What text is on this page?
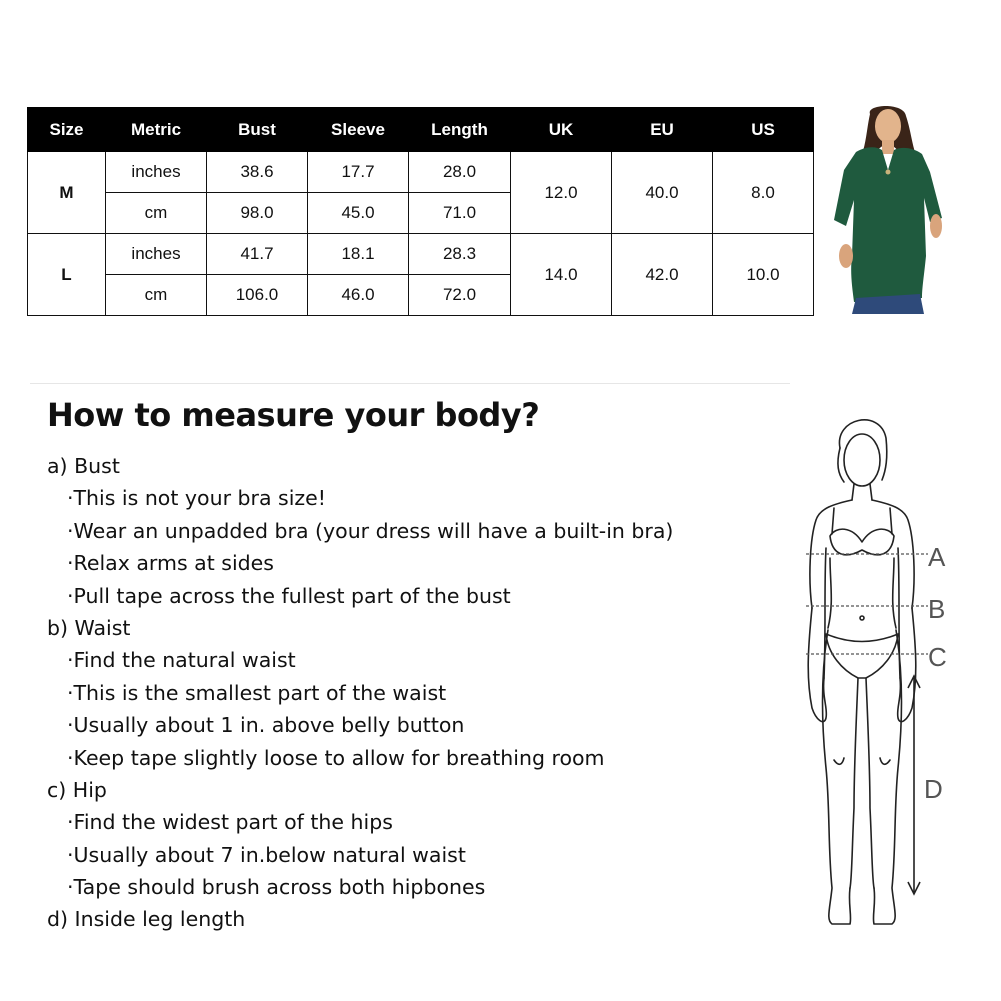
Size	Metric	Bust	Sleeve	Length	UK	EU	US
M	inches	38.6	17.7	28.0	12.0	40.0	8.0
	cm	98.0	45.0	71.0			
L	inches	41.7	18.1	28.3	14.0	42.0	10.0
	cm	106.0	46.0	72.0			
How to measure your body?
a) Bust
·This is not your bra size!
·Wear an unpadded bra (your dress will have a built-in bra)
·Relax arms at sides
·Pull tape across the fullest part of the bust
b) Waist
·Find the natural waist
·This is the smallest part of the waist
·Usually about 1 in. above belly button
·Keep tape slightly loose to allow for breathing room
c) Hip
·Find the widest part of the hips
·Usually about 7 in.below natural waist
·Tape should brush across both hipbones
d) Inside leg length
A
B
C
D
